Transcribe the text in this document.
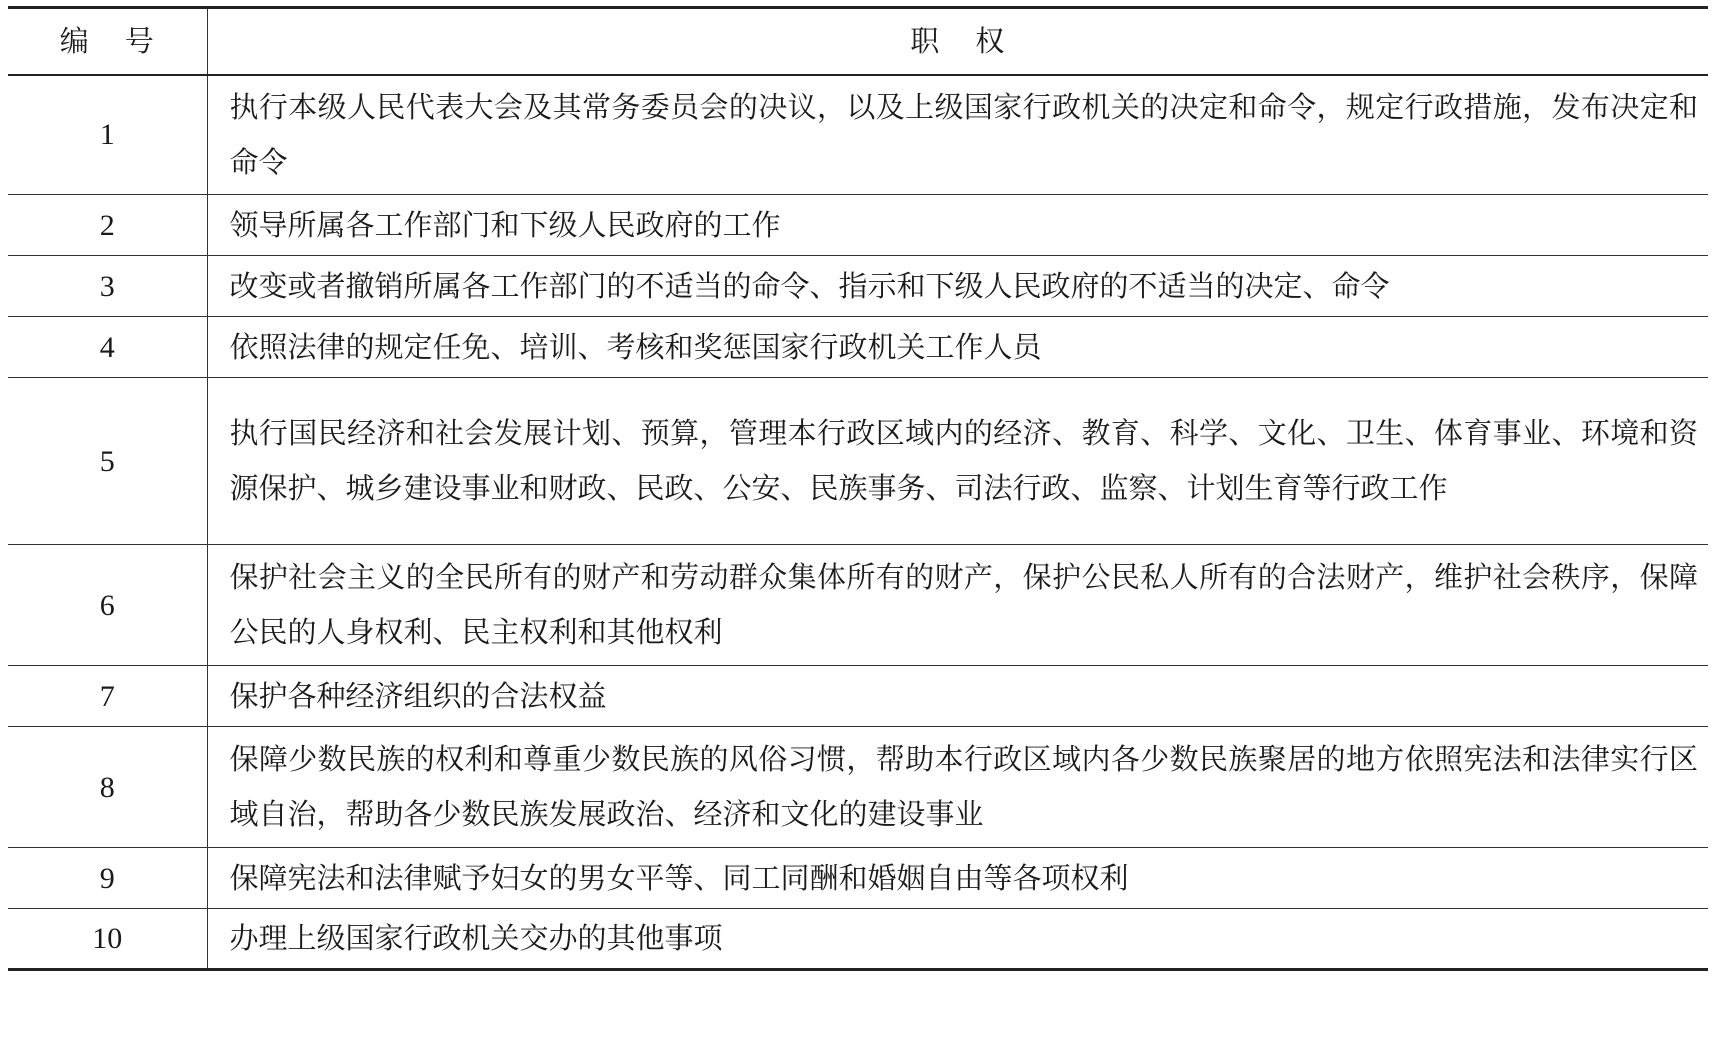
编号	职权
1	执行本级人民代表大会及其常务委员会的决议，以及上级国家行政机关的决定和命令，规定行政措施，发布决定和命令
2	领导所属各工作部门和下级人民政府的工作
3	改变或者撤销所属各工作部门的不适当的命令、指示和下级人民政府的不适当的决定、命令
4	依照法律的规定任免、培训、考核和奖惩国家行政机关工作人员
5	执行国民经济和社会发展计划、预算，管理本行政区域内的经济、教育、科学、文化、卫生、体育事业、环境和资源保护、城乡建设事业和财政、民政、公安、民族事务、司法行政、监察、计划生育等行政工作
6	保护社会主义的全民所有的财产和劳动群众集体所有的财产，保护公民私人所有的合法财产，维护社会秩序，保障公民的人身权利、民主权利和其他权利
7	保护各种经济组织的合法权益
8	保障少数民族的权利和尊重少数民族的风俗习惯，帮助本行政区域内各少数民族聚居的地方依照宪法和法律实行区域自治，帮助各少数民族发展政治、经济和文化的建设事业
9	保障宪法和法律赋予妇女的男女平等、同工同酬和婚姻自由等各项权利
10	办理上级国家行政机关交办的其他事项
